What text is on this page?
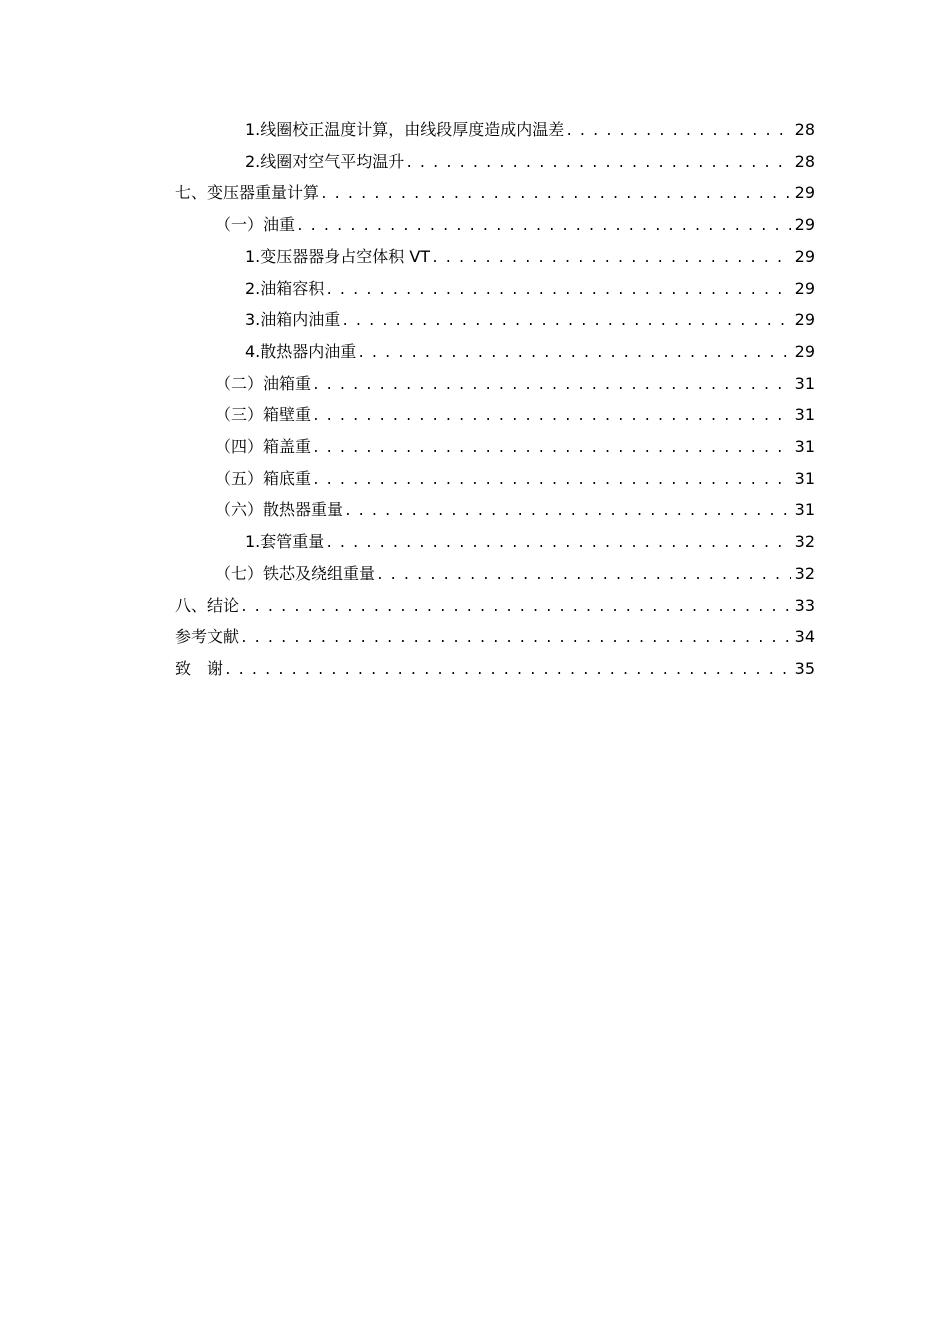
1. 线圈校正温度计算，由线段厚度造成内温差 . . .	28
2. 线圈对空气平均温升 . . .	28
七、变压器重量计算 . . .	29
（一）油重 . . .	29
1. 变压器器身占空体积 VT . . .	29
2. 油箱容积 . . .	29
3. 油箱内油重 . . .	29
4. 散热器内油重 . . .	29
（二）油箱重 . . .	31
（三）箱壁重 . . .	31
（四）箱盖重 . . .	31
（五）箱底重 . . .	31
（六）散热器重量 . . .	31
1. 套管重量 . . .	32
（七）铁芯及绕组重量 . . .	32
八、结论 . . .	33
参考文献 . . .	34
致　谢 . . .	35
